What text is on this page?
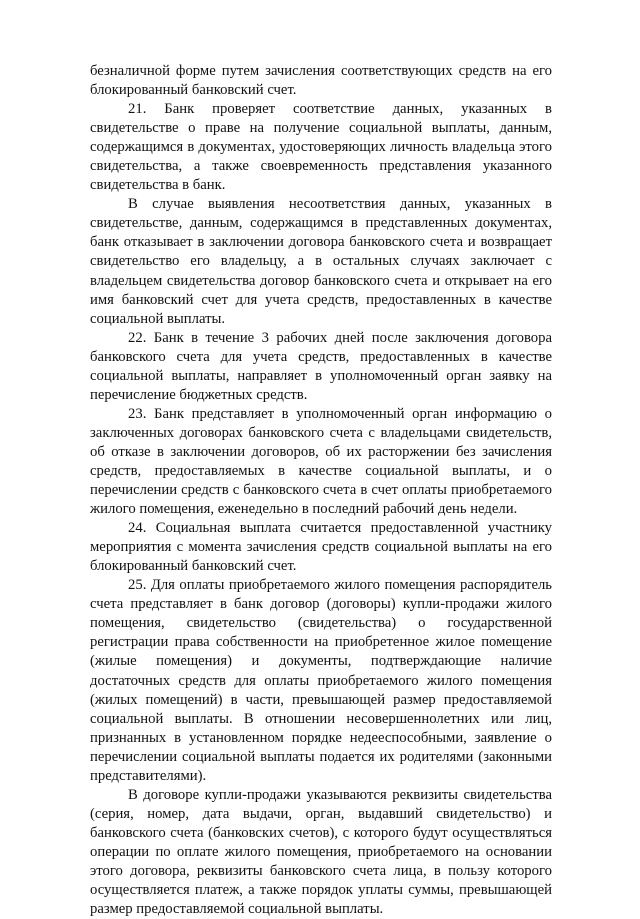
безналичной форме путем зачисления соответствующих средств на его блокированный банковский счет.

21. Банк проверяет соответствие данных, указанных в свидетельстве о праве на получение социальной выплаты, данным, содержащимся в документах, удостоверяющих личность владельца этого свидетельства, а также своевременность представления указанного свидетельства в банк.

В случае выявления несоответствия данных, указанных в свидетельстве, данным, содержащимся в представленных документах, банк отказывает в заключении договора банковского счета и возвращает свидетельство его владельцу, а в остальных случаях заключает с владельцем свидетельства договор банковского счета и открывает на его имя банковский счет для учета средств, предоставленных в качестве социальной выплаты.

22. Банк в течение 3 рабочих дней после заключения договора банковского счета для учета средств, предоставленных в качестве социальной выплаты, направляет в уполномоченный орган заявку на перечисление бюджетных средств.

23. Банк представляет в уполномоченный орган информацию о заключенных договорах банковского счета с владельцами свидетельств, об отказе в заключении договоров, об их расторжении без зачисления средств, предоставляемых в качестве социальной выплаты, и о перечислении средств с банковского счета в счет оплаты приобретаемого жилого помещения, еженедельно в последний рабочий день недели.

24. Социальная выплата считается предоставленной участнику мероприятия с момента зачисления средств социальной выплаты на его блокированный банковский счет.

25. Для оплаты приобретаемого жилого помещения распорядитель счета представляет в банк договор (договоры) купли-продажи жилого помещения, свидетельство (свидетельства) о государственной регистрации права собственности на приобретенное жилое помещение (жилые помещения) и документы, подтверждающие наличие достаточных средств для оплаты приобретаемого жилого помещения (жилых помещений) в части, превышающей размер предоставляемой социальной выплаты. В отношении несовершеннолетних или лиц, признанных в установленном порядке недееспособными, заявление о перечислении социальной выплаты подается их родителями (законными представителями).

В договоре купли-продажи указываются реквизиты свидетельства (серия, номер, дата выдачи, орган, выдавший свидетельство) и банковского счета (банковских счетов), с которого будут осуществляться операции по оплате жилого помещения, приобретаемого на основании этого договора, реквизиты банковского счета лица, в пользу которого осуществляется платеж, а также порядок уплаты суммы, превышающей размер предоставляемой социальной выплаты.
